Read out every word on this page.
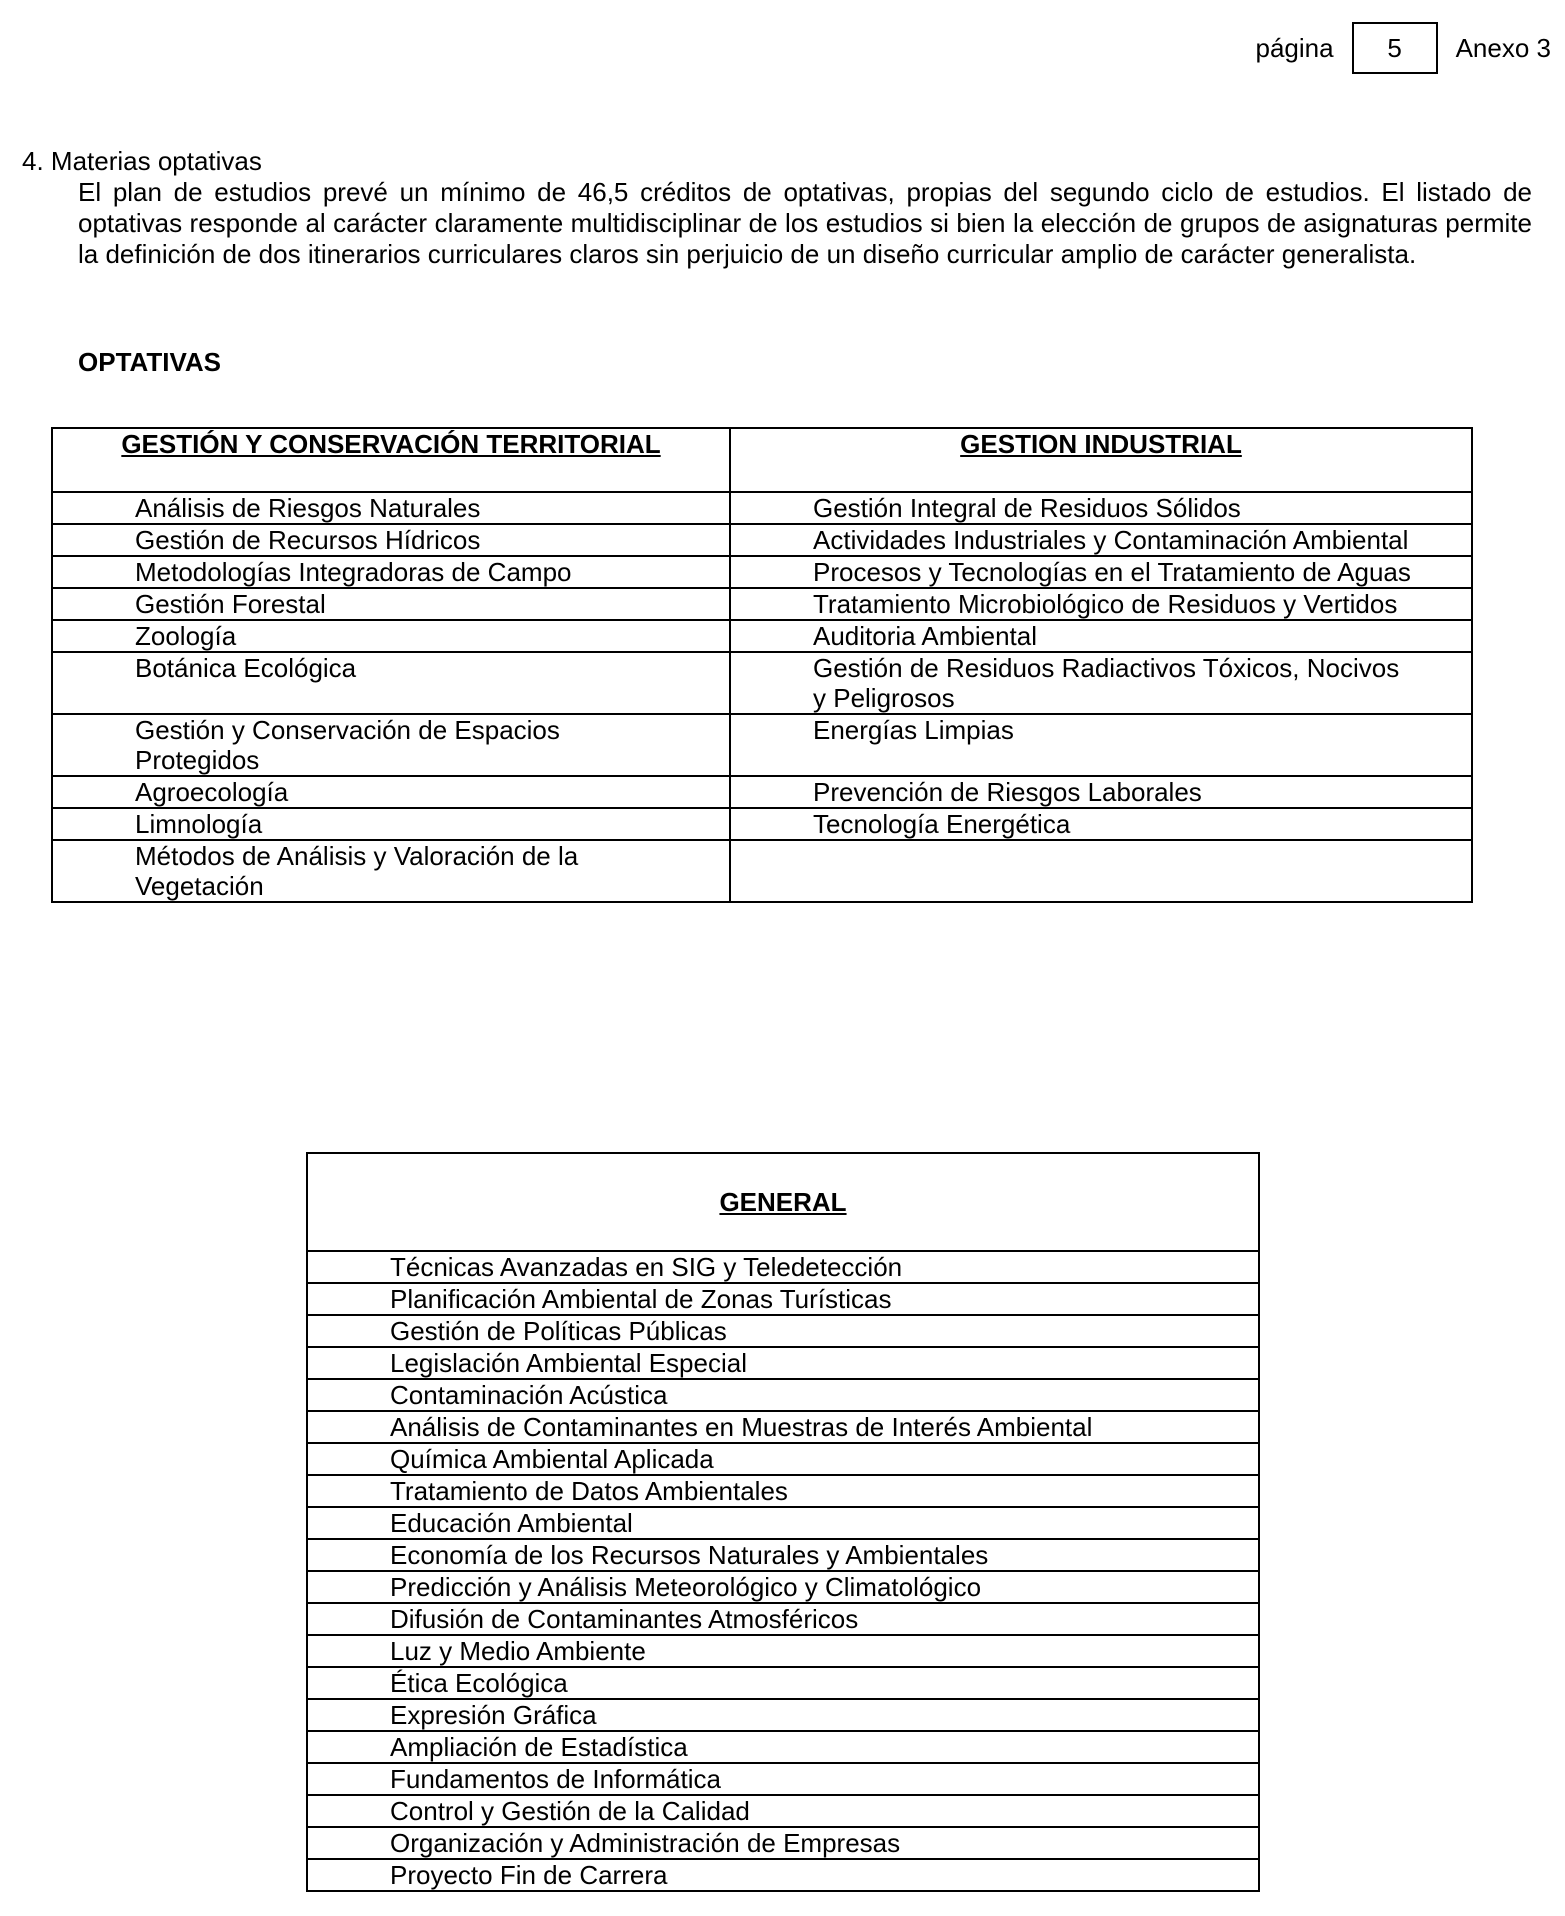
página	5	Anexo 3
4. Materias optativas
El plan de estudios prevé un mínimo de 46,5 créditos de optativas, propias del segundo ciclo de estudios. El listado de optativas responde al carácter claramente multidisciplinar de los estudios si bien la elección de grupos de asignaturas permite la definición de dos itinerarios curriculares claros sin perjuicio de un diseño curricular amplio de carácter generalista.
OPTATIVAS
GESTIÓN Y CONSERVACIÓN TERRITORIAL	GESTION INDUSTRIAL
Análisis de Riesgos Naturales	Gestión Integral de Residuos Sólidos
Gestión de Recursos Hídricos	Actividades Industriales y Contaminación Ambiental
Metodologías Integradoras de Campo	Procesos y Tecnologías en el Tratamiento de Aguas
Gestión Forestal	Tratamiento Microbiológico de Residuos y Vertidos
Zoología	Auditoria Ambiental
Botánica Ecológica	Gestión de Residuos Radiactivos Tóxicos, Nocivos y Peligrosos
Gestión y Conservación de Espacios Protegidos	Energías Limpias
Agroecología	Prevención de Riesgos Laborales
Limnología	Tecnología Energética
Métodos de Análisis y Valoración de la Vegetación	
GENERAL
Técnicas Avanzadas en SIG y Teledetección
Planificación Ambiental de Zonas Turísticas
Gestión de Políticas Públicas
Legislación Ambiental Especial
Contaminación Acústica
Análisis de Contaminantes en Muestras de Interés Ambiental
Química Ambiental Aplicada
Tratamiento de Datos Ambientales
Educación Ambiental
Economía de los Recursos Naturales y Ambientales
Predicción y Análisis Meteorológico y Climatológico
Difusión de Contaminantes Atmosféricos
Luz y Medio Ambiente
Ética Ecológica
Expresión Gráfica
Ampliación de Estadística
Fundamentos de Informática
Control y Gestión de la Calidad
Organización y Administración de Empresas
Proyecto Fin de Carrera
